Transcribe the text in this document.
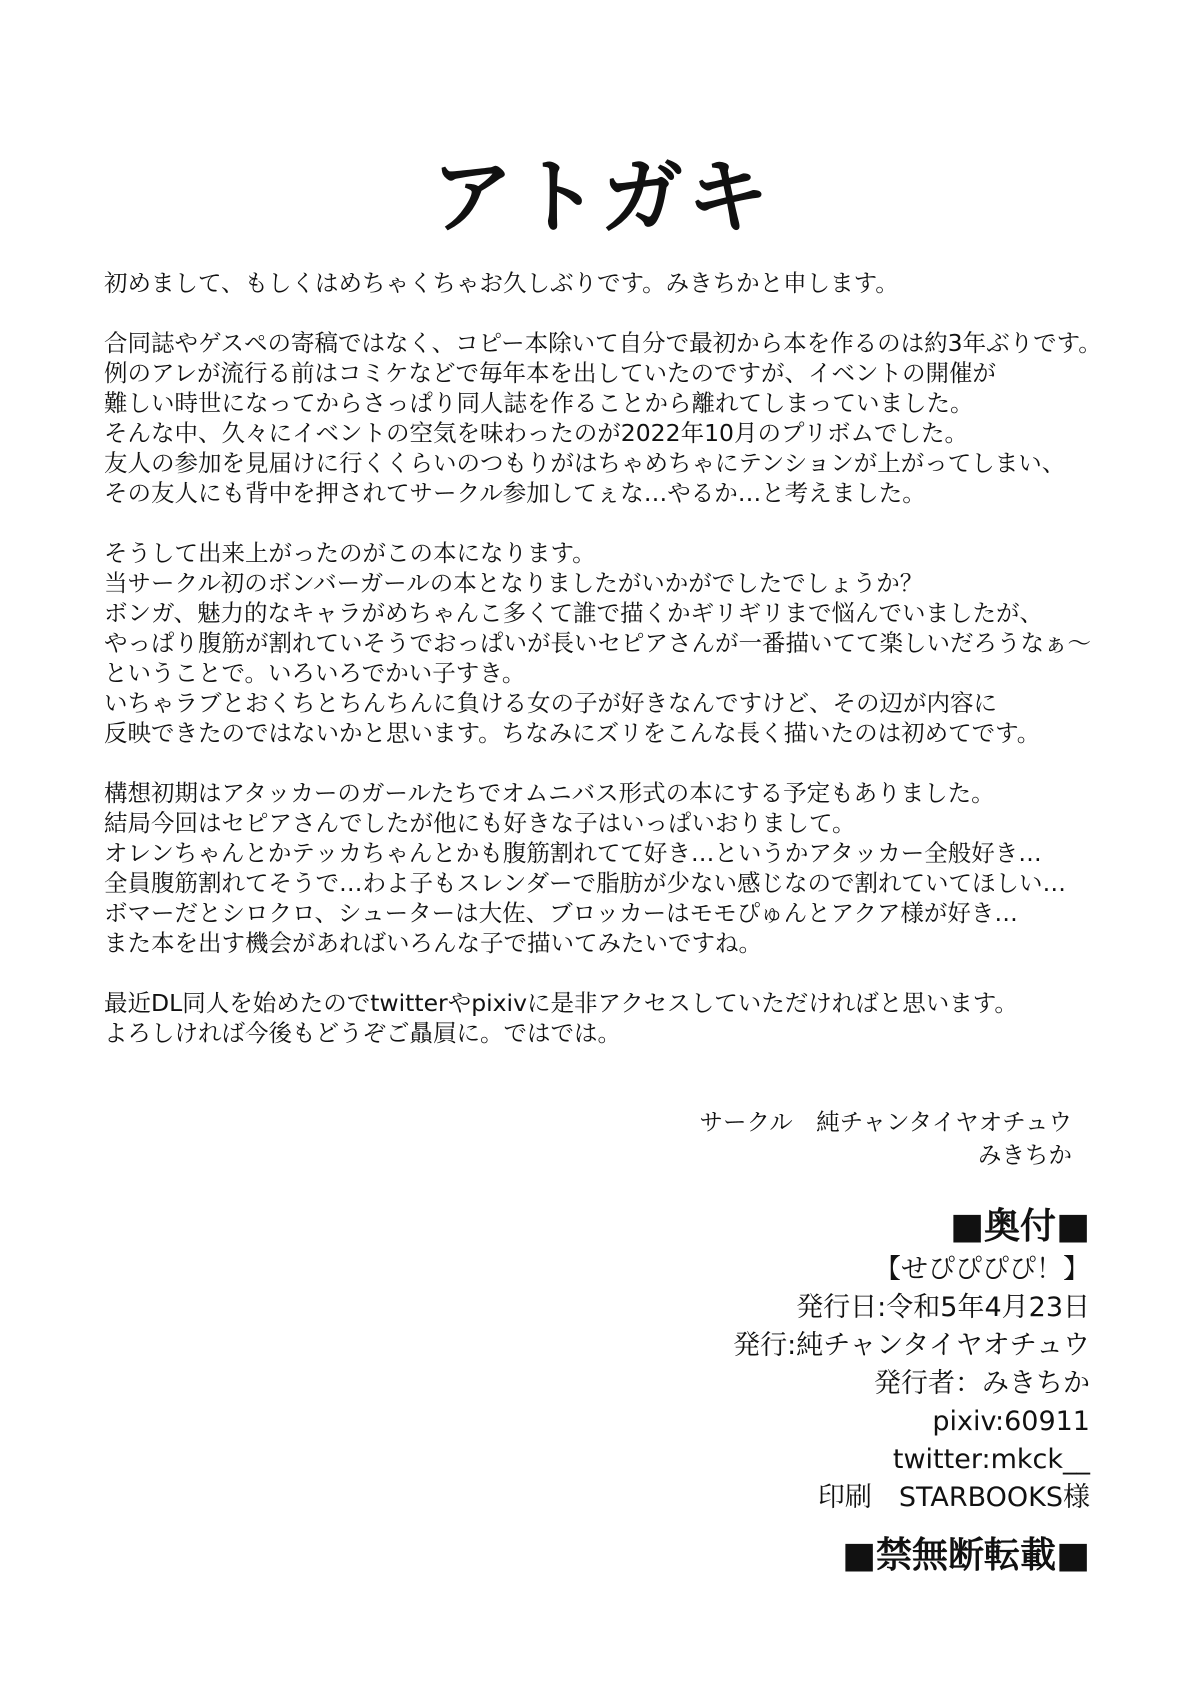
アトガキ

初めまして、もしくはめちゃくちゃお久しぶりです。みきちかと申します。

合同誌やゲスペの寄稿ではなく、コピー本除いて自分で最初から本を作るのは約3年ぶりです。
例のアレが流行る前はコミケなどで毎年本を出していたのですが、イベントの開催が
難しい時世になってからさっぱり同人誌を作ることから離れてしまっていました。
そんな中、久々にイベントの空気を味わったのが2022年10月のプリボムでした。
友人の参加を見届けに行くくらいのつもりがはちゃめちゃにテンションが上がってしまい、
その友人にも背中を押されてサークル参加してぇな…やるか…と考えました。

そうして出来上がったのがこの本になります。
当サークル初のボンバーガールの本となりましたがいかがでしたでしょうか？
ボンガ、魅力的なキャラがめちゃんこ多くて誰で描くかギリギリまで悩んでいましたが、
やっぱり腹筋が割れていそうでおっぱいが長いセピアさんが一番描いてて楽しいだろうなぁ～
ということで。いろいろでかい子すき。
いちゃラブとおくちとちんちんに負ける女の子が好きなんですけど、その辺が内容に
反映できたのではないかと思います。ちなみにズリをこんな長く描いたのは初めてです。

構想初期はアタッカーのガールたちでオムニバス形式の本にする予定もありました。
結局今回はセピアさんでしたが他にも好きな子はいっぱいおりまして。
オレンちゃんとかテッカちゃんとかも腹筋割れてて好き…というかアタッカー全般好き…
全員腹筋割れてそうで…わよ子もスレンダーで脂肪が少ない感じなので割れていてほしい…
ボマーだとシロクロ、シューターは大佐、ブロッカーはモモぴゅんとアクア様が好き…
また本を出す機会があればいろんな子で描いてみたいですね。

最近DL同人を始めたのでtwitterやpixivに是非アクセスしていただければと思います。
よろしければ今後もどうぞご贔屓に。ではでは。

サークル　純チャンタイヤオチュウ
みきちか
■奥付■
【せぴぴぴぴ！】
発行日:令和5年4月23日
発行:純チャンタイヤオチュウ
発行者：みきちか
pixiv:60911
twitter:mkck__
印刷　STARBOOKS様
■禁無断転載■
